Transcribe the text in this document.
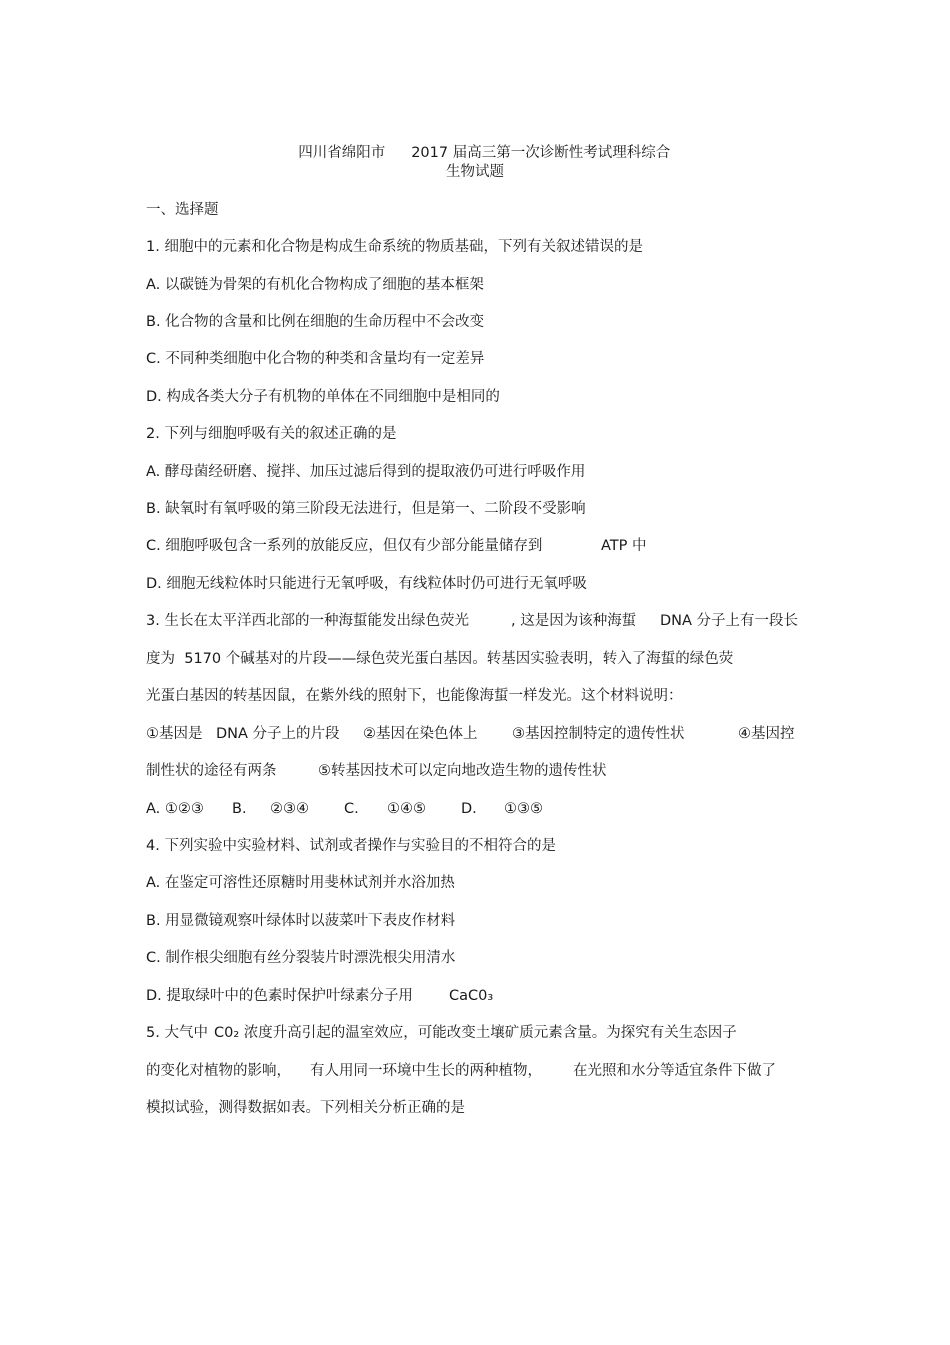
四川省绵阳市 2017 届高三第一次诊断性考试理科综合

生物试题
一、选择题
1. 细胞中的元素和化合物是构成生命系统的物质基础，下列有关叙述错误的是
A. 以碳链为骨架的有机化合物构成了细胞的基本框架
B. 化合物的含量和比例在细胞的生命历程中不会改变
C. 不同种类细胞中化合物的种类和含量均有一定差异
D. 构成各类大分子有机物的单体在不同细胞中是相同的
2. 下列与细胞呼吸有关的叙述正确的是
A. 酵母菌经研磨、搅拌、加压过滤后得到的提取液仍可进行呼吸作用
B. 缺氧时有氧呼吸的第三阶段无法进行，但是第一、二阶段不受影响

C. 细胞呼吸包含一系列的放能反应，但仅有少部分能量储存到

	ATP 中

D. 细胞无线粒体时只能进行无氧呼吸，有线粒体时仍可进行无氧呼吸

3. 生长在太平洋西北部的一种海蜇能发出绿色荧光

	, 这是因为该种海蜇

DNA 分子上有一段长

度为  5170 个碱基对的片段——绿色荧光蛋白基因。转基因实验表明，转入了海蜇的绿色荧
光蛋白基因的转基因鼠，在紫外线的照射下，也能像海蜇一样发光。这个材料说明：

①基因是

DNA 分子上的片段

②基因在染色体上

③基因控制特定的遗传性状

	④基因控

制性状的途径有两条

	⑤转基因技术可以定向地改造生物的遗传性状

A. ①②③

B.

②③④

C.

①④⑤

D.

①③⑤

4. 下列实验中实验材料、试剂或者操作与实验目的不相符合的是
A. 在鉴定可溶性还原糖时用斐林试剂并水浴加热
B. 用显微镜观察叶绿体时以菠菜叶下表皮作材料
C. 制作根尖细胞有丝分裂装片时漂洗根尖用清水

D. 提取绿叶中的色素时保护叶绿素分子用

CaC0₃

5. 大气中

C0₂ 浓度升高引起的温室效应，可能改变土壤矿质元素含量。为探究有关生态因子

的变化对植物的影响，

有人用同一环境中生长的两种植物，

在光照和水分等适宜条件下做了

模拟试验，测得数据如表。下列相关分析正确的是
